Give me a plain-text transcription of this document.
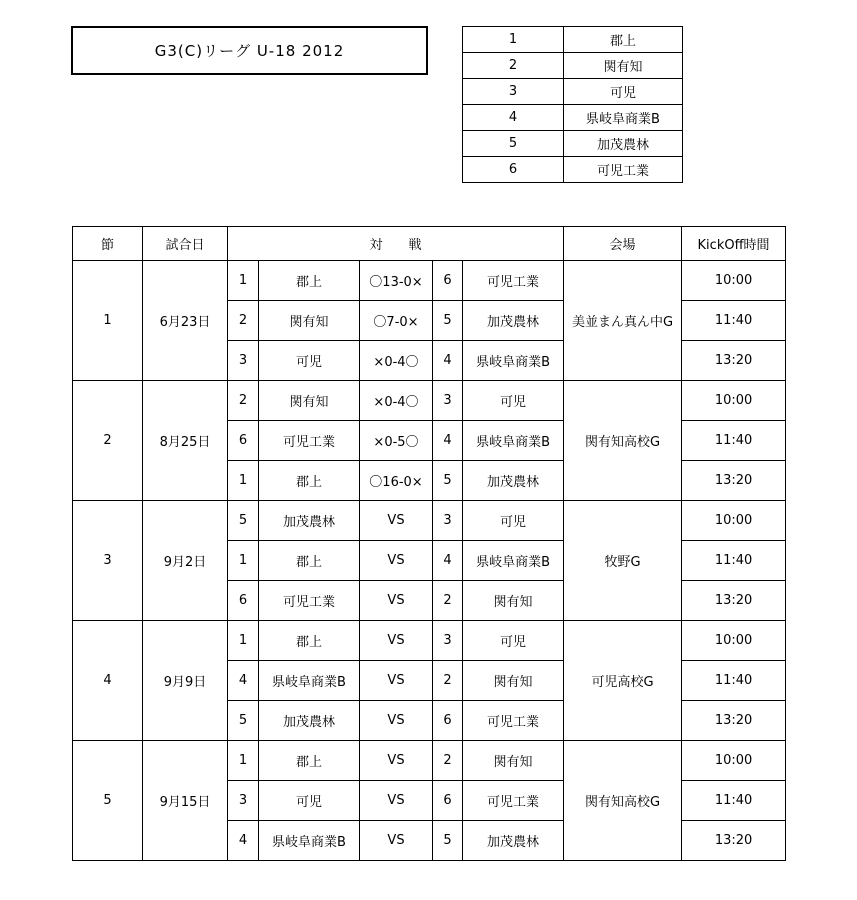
G3(C)リーグ U-18 2012
1	郡上
2	関有知
3	可児
4	県岐阜商業B
5	加茂農林
6	可児工業
節	試合日	対　　戦					会場	KickOff時間
1	6月23日	1	郡上	〇13-0×	6	可児工業	美並まん真ん中G	10:00
		2	関有知	〇7-0×	5	加茂農林		11:40
		3	可児	×0-4〇	4	県岐阜商業B		13:20
2	8月25日	2	関有知	×0-4〇	3	可児	関有知高校G	10:00
		6	可児工業	×0-5〇	4	県岐阜商業B		11:40
		1	郡上	〇16-0×	5	加茂農林		13:20
3	9月2日	5	加茂農林	VS	3	可児	牧野G	10:00
		1	郡上	VS	4	県岐阜商業B		11:40
		6	可児工業	VS	2	関有知		13:20
4	9月9日	1	郡上	VS	3	可児	可児高校G	10:00
		4	県岐阜商業B	VS	2	関有知		11:40
		5	加茂農林	VS	6	可児工業		13:20
5	9月15日	1	郡上	VS	2	関有知	関有知高校G	10:00
		3	可児	VS	6	可児工業		11:40
		4	県岐阜商業B	VS	5	加茂農林		13:20
